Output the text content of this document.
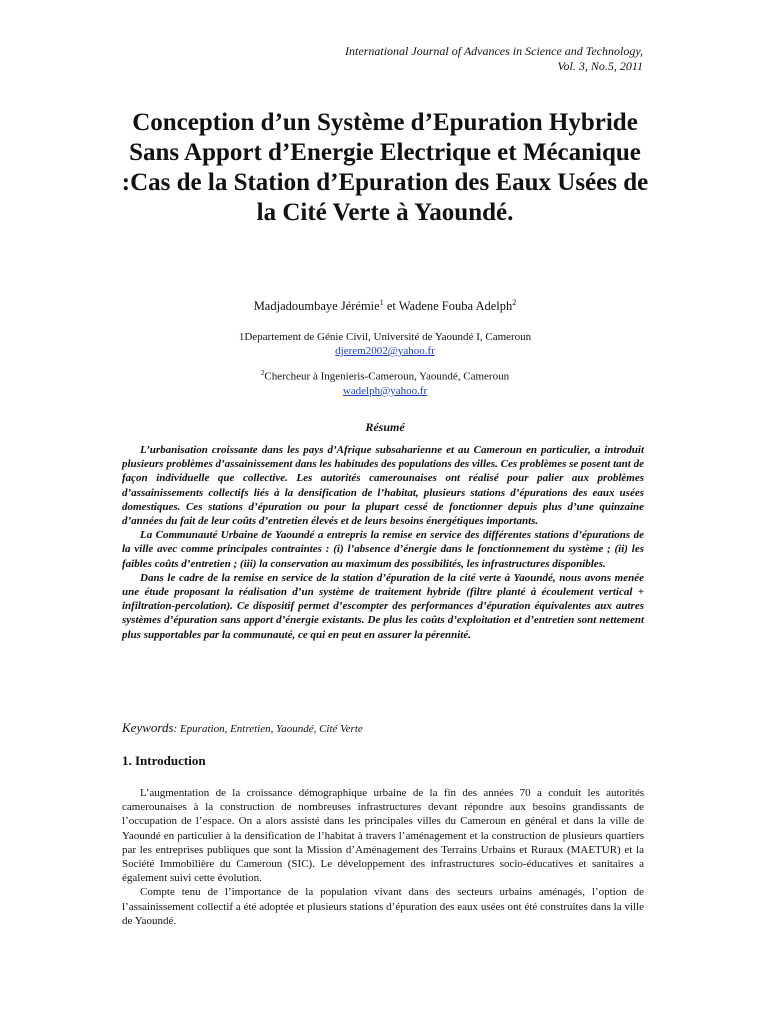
International Journal of Advances in Science and Technology,
Vol. 3, No.5, 2011
Conception d’un Système d’Epuration Hybride Sans Apport d’Energie Electrique et Mécanique :Cas de la Station d’Epuration des Eaux Usées de la Cité Verte à Yaoundé.
Madjadoumbaye Jérémie$^1$ et Wadene Fouba Adelph$^2$
1Departement de Génie Civil, Université de Yaoundé I, Cameroun
djerem2002@yahoo.fr
$^2$Chercheur à Ingenieris-Cameroun, Yaoundé, Cameroun
wadelph@yahoo.fr
Résumé

L’urbanisation croissante dans les pays d’Afrique subsaharienne et au Cameroun en particulier, a introduit plusieurs problèmes d’assainissement dans les habitudes des populations des villes. Ces problèmes se posent tant de façon individuelle que collective. Les autorités camerounaises ont réalisé pour palier aux problèmes d’assainissements collectifs liés à la densification de l’habitat, plusieurs stations d’épurations des eaux usées domestiques. Ces stations d’épuration ou pour la plupart cessé de fonctionner depuis plus d’une quinzaine d’années du fait de leur coûts d’entretien élevés et de leurs besoins énergétiques importants.

La Communauté Urbaine de Yaoundé a entrepris la remise en service des différentes stations d’épurations de la ville avec comme principales contraintes : (i) l’absence d’énergie dans le fonctionnement du système ; (ii) les faibles coûts d’entretien ; (iii) la conservation au maximum des possibilités, les infrastructures disponibles.

Dans le cadre de la remise en service de la station d’épuration de la cité verte à Yaoundé, nous avons menée une étude proposant la réalisation d’un système de traitement hybride (filtre planté à écoulement vertical + infiltration-percolation). Ce dispositif permet d’escompter des performances d’épuration équivalentes aux autres systèmes d’épuration sans apport d’énergie existants. De plus les coûts d’exploitation et d’entretien sont nettement plus supportables par la communauté, ce qui en peut en assurer la pérennité.

Keywords: Epuration, Entretien, Yaoundé, Cité Verte
1. Introduction

L’augmentation de la croissance démographique urbaine de la fin des années 70 a conduit les autorités camerounaises à la construction de nombreuses infrastructures devant répondre aux besoins grandissants de l’occupation de l’espace. On a alors assisté dans les principales villes du Cameroun en général et dans la ville de Yaoundé en particulier à la densification de l’habitat à travers l’aménagement et la construction de plusieurs quartiers par les entreprises publiques que sont la Mission d’Aménagement des Terrains Urbains et Ruraux (MAETUR) et la Société Immobilière du Cameroun (SIC). Le développement des infrastructures socio-éducatives et sanitaires a également suivi cette évolution.

Compte tenu de l’importance de la population vivant dans des secteurs urbains aménagés, l’option de l’assainissement collectif a été adoptée et plusieurs stations d’épuration des eaux usées ont été construites dans la ville de Yaoundé.
